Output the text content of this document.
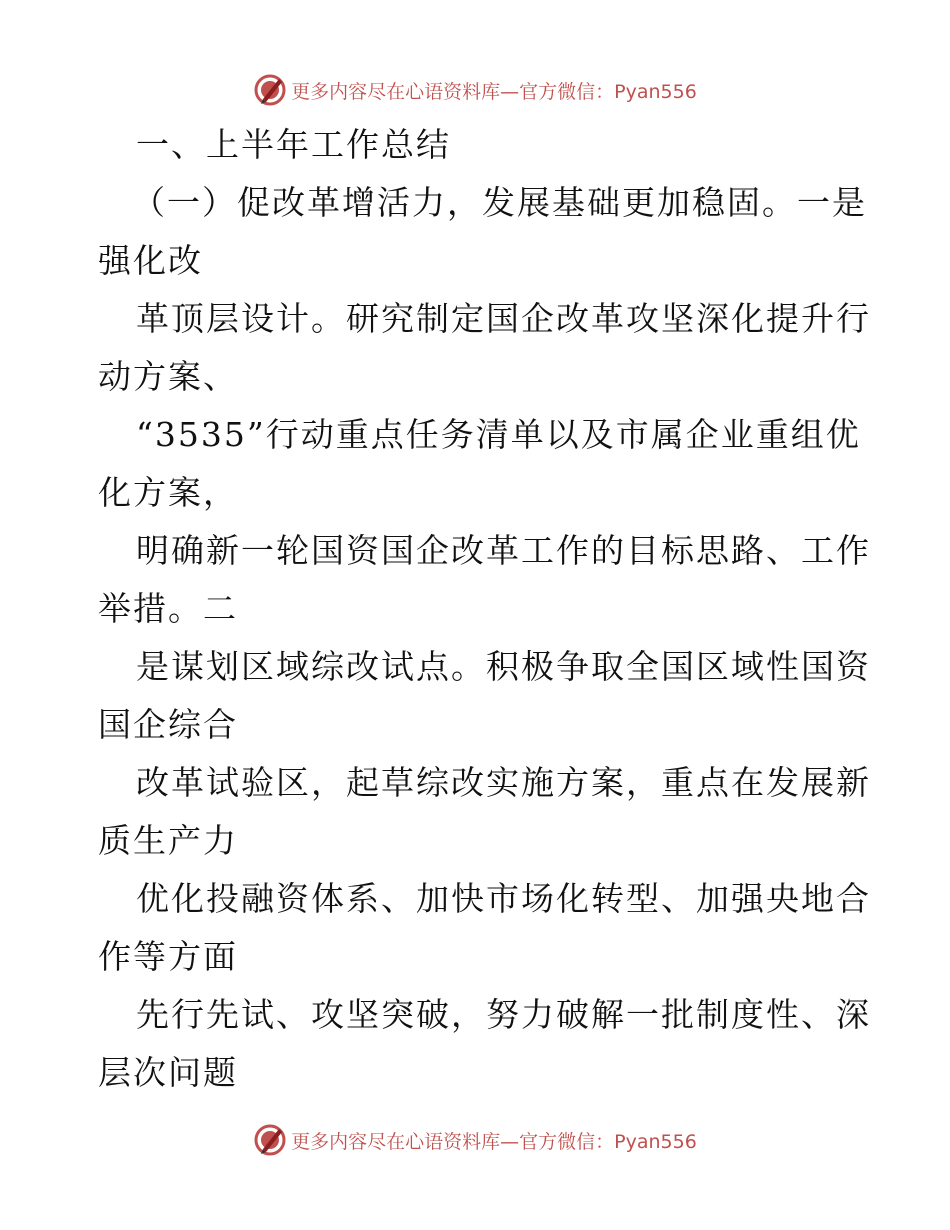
更多内容尽在心语资料库—官方微信：Pyan556
一、上半年工作总结
（一）促改革增活力，发展基础更加稳固。一是
强化改
革顶层设计。研究制定国企改革攻坚深化提升行
动方案、
“3535”行动重点任务清单以及市属企业重组优
化方案，
明确新一轮国资国企改革工作的目标思路、工作
举措。二
是谋划区域综改试点。积极争取全国区域性国资
国企综合
改革试验区，起草综改实施方案，重点在发展新
质生产力
优化投融资体系、加快市场化转型、加强央地合
作等方面
先行先试、攻坚突破，努力破解一批制度性、深
层次问题
更多内容尽在心语资料库—官方微信：Pyan556
